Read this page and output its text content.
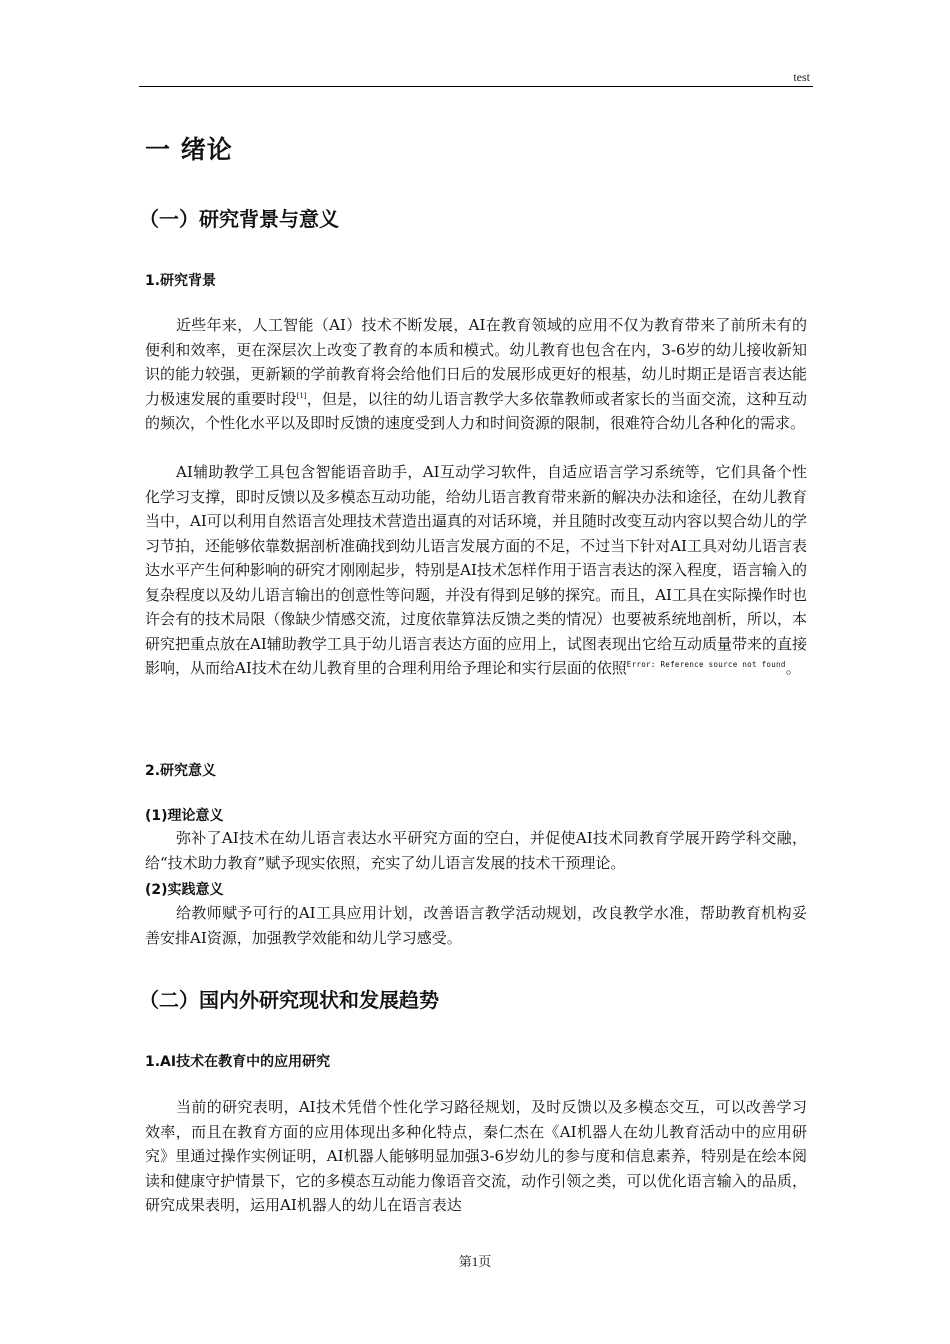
test
一 绪论
（一）研究背景与意义
1.研究背景

近些年来，人工智能（AI）技术不断发展，AI在教育领域的应用不仅为教育带来了前所未有的便利和效率，更在深层次上改变了教育的本质和模式。幼儿教育也包含在内，3-6岁的幼儿接收新知识的能力较强，更新颖的学前教育将会给他们日后的发展形成更好的根基，幼儿时期正是语言表达能力极速发展的重要时段[1]，但是，以往的幼儿语言教学大多依靠教师或者家长的当面交流，这种互动的频次，个性化水平以及即时反馈的速度受到人力和时间资源的限制，很难符合幼儿各种化的需求。

AI辅助教学工具包含智能语音助手，AI互动学习软件，自适应语言学习系统等，它们具备个性化学习支撑，即时反馈以及多模态互动功能，给幼儿语言教育带来新的解决办法和途径，在幼儿教育当中，AI可以利用自然语言处理技术营造出逼真的对话环境，并且随时改变互动内容以契合幼儿的学习节拍，还能够依靠数据剖析准确找到幼儿语言发展方面的不足，不过当下针对AI工具对幼儿语言表达水平产生何种影响的研究才刚刚起步，特别是AI技术怎样作用于语言表达的深入程度，语言输入的复杂程度以及幼儿语言输出的创意性等问题，并没有得到足够的探究。而且，AI工具在实际操作时也许会有的技术局限（像缺少情感交流，过度依靠算法反馈之类的情况）也要被系统地剖析，所以，本研究把重点放在AI辅助教学工具于幼儿语言表达方面的应用上，试图表现出它给互动质量带来的直接影响，从而给AI技术在幼儿教育里的合理利用给予理论和实行层面的依照$^{Error: Reference source not found}$。

2.研究意义
(1)理论意义

弥补了AI技术在幼儿语言表达水平研究方面的空白，并促使AI技术同教育学展开跨学科交融，给“技术助力教育”赋予现实依照，充实了幼儿语言发展的技术干预理论。

(2)实践意义

给教师赋予可行的AI工具应用计划，改善语言教学活动规划，改良教学水准，帮助教育机构妥善安排AI资源，加强教学效能和幼儿学习感受。

（二）国内外研究现状和发展趋势
1.AI技术在教育中的应用研究

当前的研究表明，AI技术凭借个性化学习路径规划，及时反馈以及多模态交互，可以改善学习效率，而且在教育方面的应用体现出多种化特点，秦仁杰在《AI机器人在幼儿教育活动中的应用研究》里通过操作实例证明，AI机器人能够明显加强3-6岁幼儿的参与度和信息素养，特别是在绘本阅读和健康守护情景下，它的多模态互动能力像语音交流，动作引领之类，可以优化语言输入的品质，研究成果表明，运用AI机器人的幼儿在语言表达

第1页
